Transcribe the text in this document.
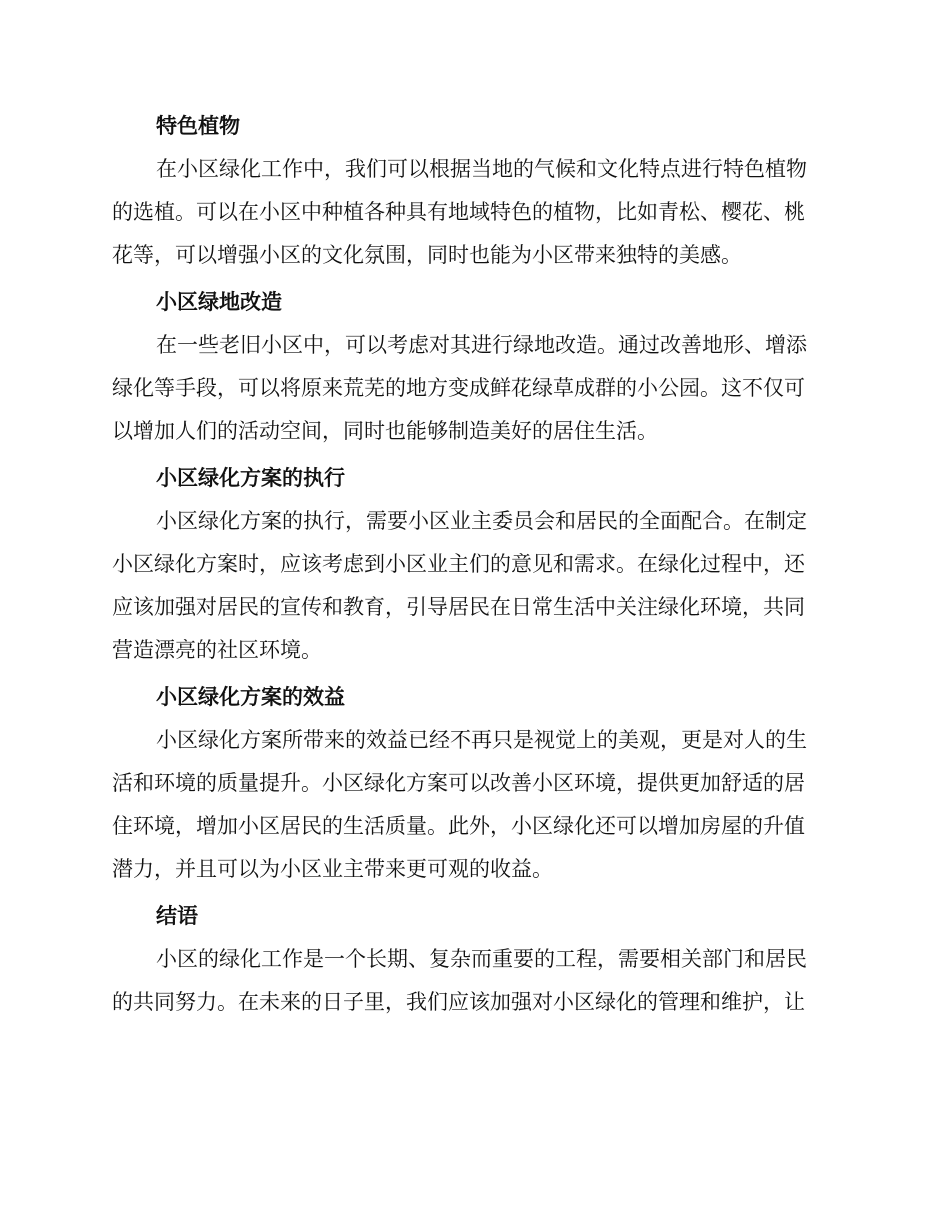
特色植物
在小区绿化工作中，我们可以根据当地的气候和文化特点进行特色植物
的选植。可以在小区中种植各种具有地域特色的植物，比如青松、樱花、桃
花等，可以增强小区的文化氛围，同时也能为小区带来独特的美感。
小区绿地改造
在一些老旧小区中，可以考虑对其进行绿地改造。通过改善地形、增添
绿化等手段，可以将原来荒芜的地方变成鲜花绿草成群的小公园。这不仅可
以增加人们的活动空间，同时也能够制造美好的居住生活。
小区绿化方案的执行
小区绿化方案的执行，需要小区业主委员会和居民的全面配合。在制定
小区绿化方案时，应该考虑到小区业主们的意见和需求。在绿化过程中，还
应该加强对居民的宣传和教育，引导居民在日常生活中关注绿化环境，共同
营造漂亮的社区环境。
小区绿化方案的效益
小区绿化方案所带来的效益已经不再只是视觉上的美观，更是对人的生
活和环境的质量提升。小区绿化方案可以改善小区环境，提供更加舒适的居
住环境，增加小区居民的生活质量。此外，小区绿化还可以增加房屋的升值
潜力，并且可以为小区业主带来更可观的收益。
结语
小区的绿化工作是一个长期、复杂而重要的工程，需要相关部门和居民
的共同努力。在未来的日子里，我们应该加强对小区绿化的管理和维护，让
